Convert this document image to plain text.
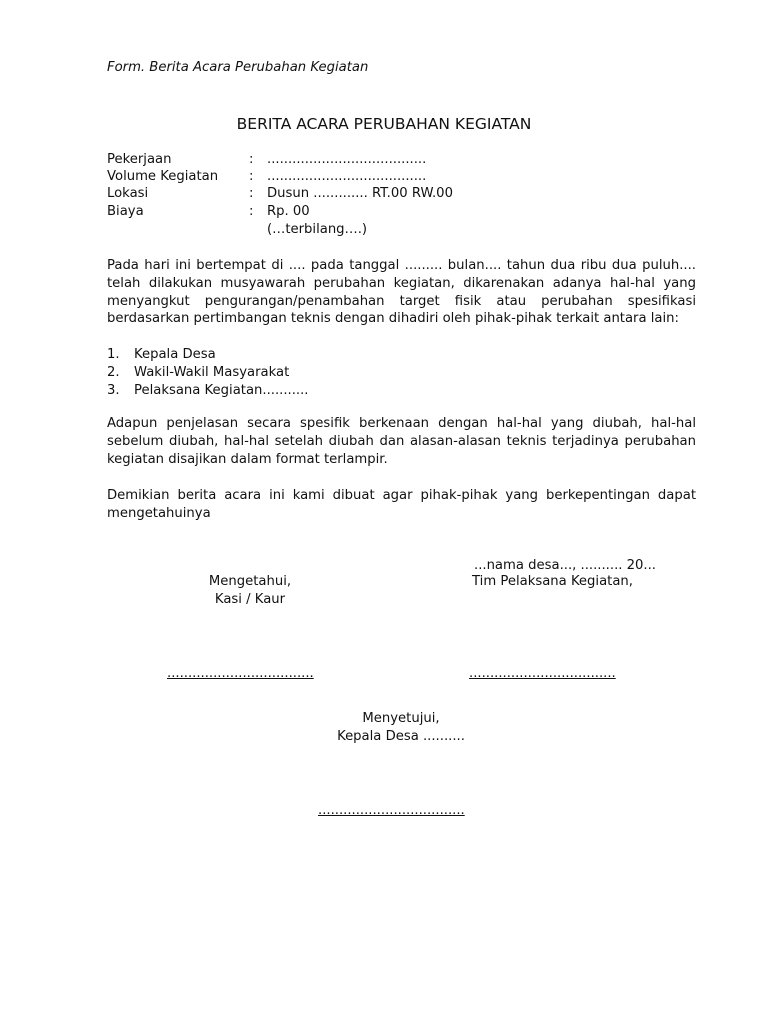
Form. Berita Acara Perubahan Kegiatan
BERITA ACARA PERUBAHAN KEGIATAN
Pekerjaan	: ......................................
Volume Kegiatan : ......................................
Lokasi	: Dusun ............. RT.00 RW.00
Biaya	: Rp. 00
(…terbilang….)
Pada hari ini bertempat di .... pada tanggal ......... bulan.... tahun dua ribu dua puluh.... telah dilakukan musyawarah perubahan kegiatan, dikarenakan adanya hal-hal yang menyangkut pengurangan/penambahan target fisik atau perubahan spesifikasi berdasarkan pertimbangan teknis dengan dihadiri oleh pihak-pihak terkait antara lain:
1. Kepala Desa
2. Wakil-Wakil Masyarakat
3. Pelaksana Kegiatan...........
Adapun penjelasan secara spesifik berkenaan dengan hal-hal yang diubah, hal-hal sebelum diubah, hal-hal setelah diubah dan alasan-alasan teknis terjadinya perubahan kegiatan disajikan dalam format terlampir.
Demikian berita acara ini kami dibuat agar pihak-pihak yang berkepentingan dapat mengetahuinya
...nama desa..., .......... 20...
Mengetahui,
Kasi / Kaur
Tim Pelaksana Kegiatan,
...................................	...................................
Menyetujui,
Kepala Desa ..........
...................................
